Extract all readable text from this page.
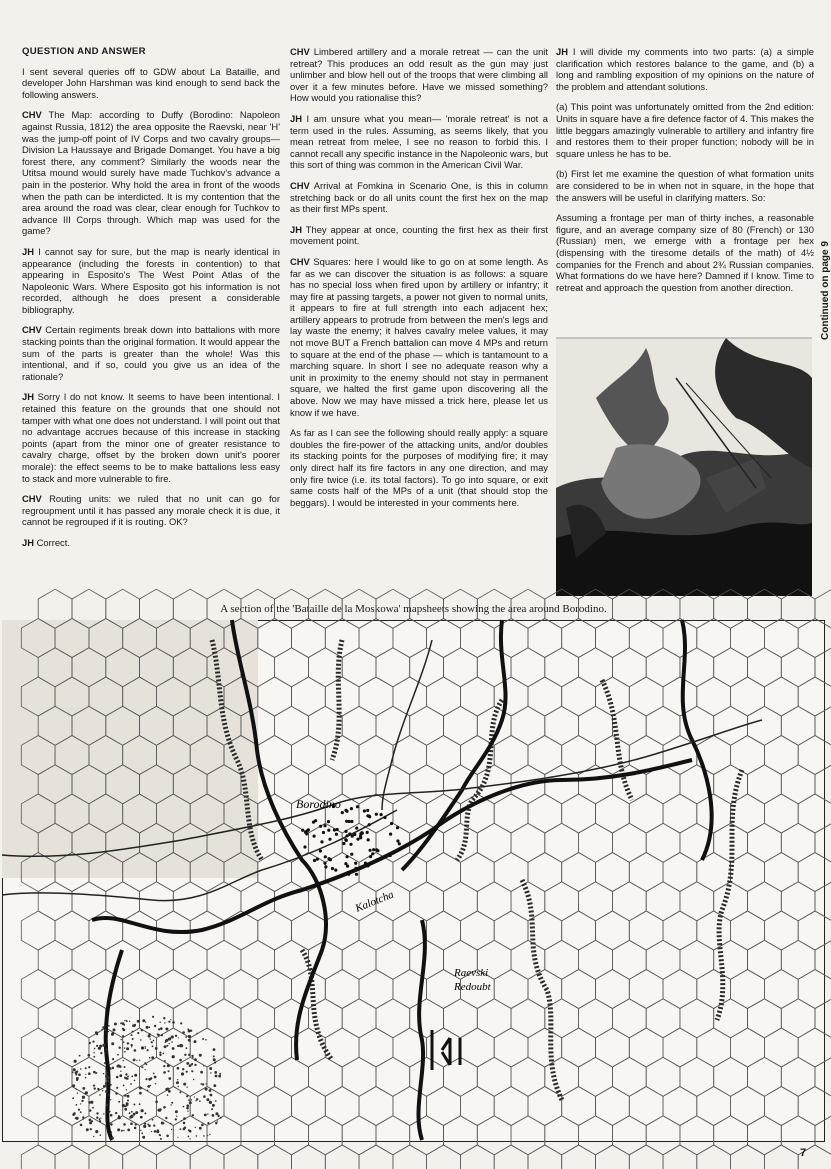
QUESTION AND ANSWER

I sent several queries off to GDW about La Bataille, and developer John Harshman was kind enough to send back the following answers.

CHV The Map: according to Duffy (Borodino: Napoleon against Russia, 1812) the area opposite the Raevski, near 'H' was the jump-off point of IV Corps and two cavalry groups—Division La Haussaye and Brigade Domanget. You have a big forest there, any comment? Similarly the woods near the Utitsa mound would surely have made Tuchkov's advance a pain in the posterior. Why hold the area in front of the woods when the path can be interdicted. It is my contention that the area around the road was clear, clear enough for Tuchkov to advance III Corps through. Which map was used for the game?

JH I cannot say for sure, but the map is nearly identical in appearance (including the forests in contention) to that appearing in Esposito's The West Point Atlas of the Napoleonic Wars. Where Esposito got his information is not recorded, although he does present a considerable bibliography.

CHV Certain regiments break down into battalions with more stacking points than the original formation. It would appear the sum of the parts is greater than the whole! Was this intentional, and if so, could you give us an idea of the rationale?

JH Sorry I do not know. It seems to have been intentional. I retained this feature on the grounds that one should not tamper with what one does not understand. I will point out that no advantage accrues because of this increase in stacking points (apart from the minor one of greater resistance to cavalry charge, offset by the broken down unit's poorer morale): the effect seems to be to make battalions less easy to stack and more vulnerable to fire.

CHV Routing units: we ruled that no unit can go for regroupment until it has passed any morale check it is due, it cannot be regrouped if it is routing. OK?

JH Correct.

CHV Limbered artillery and a morale retreat — can the unit retreat? This produces an odd result as the gun may just unlimber and blow hell out of the troops that were climbing all over it a few minutes before. Have we missed something? How would you rationalise this?

JH I am unsure what you mean— 'morale retreat' is not a term used in the rules. Assuming, as seems likely, that you mean retreat from melee, I see no reason to forbid this. I cannot recall any specific instance in the Napoleonic wars, but this sort of thing was common in the American Civil War.

CHV Arrival at Fomkina in Scenario One, is this in column stretching back or do all units count the first hex on the map as their first MPs spent.

JH They appear at once, counting the first hex as their first movement point.

CHV Squares: here I would like to go on at some length. As far as we can discover the situation is as follows: a square has no special loss when fired upon by artillery or infantry; it may fire at passing targets, a power not given to normal units, it appears to fire at full strength into each adjacent hex; artillery appears to protrude from between the men's legs and lay waste the enemy; it halves cavalry melee values, it may not move BUT a French battalion can move 4 MPs and return to square at the end of the phase — which is tantamount to a marching square. In short I see no adequate reason why a unit in proximity to the enemy should not stay in permanent square, we halted the first game upon discovering all the above. Now we may have missed a trick here, please let us know if we have.

As far as I can see the following should really apply: a square doubles the fire-power of the attacking units, and/or doubles its stacking points for the purposes of modifying fire; it may only direct half its fire factors in any one direction, and may only fire twice (i.e. its total factors). To go into square, or exit same costs half of the MPs of a unit (that should stop the beggars). I would be interested in your comments here.

JH I will divide my comments into two parts: (a) a simple clarification which restores balance to the game, and (b) a long and rambling exposition of my opinions on the nature of the problem and attendant solutions.

(a) This point was unfortunately omitted from the 2nd edition: Units in square have a fire defence factor of 4. This makes the little beggars amazingly vulnerable to artillery and infantry fire and restores them to their proper function; nobody will be in square unless he has to be.

(b) First let me examine the question of what formation units are considered to be in when not in square, in the hope that the answers will be useful in clarifying matters. So:

Assuming a frontage per man of thirty inches, a reasonable figure, and an average company size of 80 (French) or 130 (Russian) men, we emerge with a frontage per hex (dispensing with the tiresome details of the math) of 4½ companies for the French and about 2¾ Russian companies. What formations do we have here? Damned if I know. Time to retreat and approach the question from another direction.	Continued on page 9
A section of the 'Bataille de la Moskowa' mapsheets showing the area around Borodino.
Borodino
Kalotcha
Raevski
Redoubt
7
